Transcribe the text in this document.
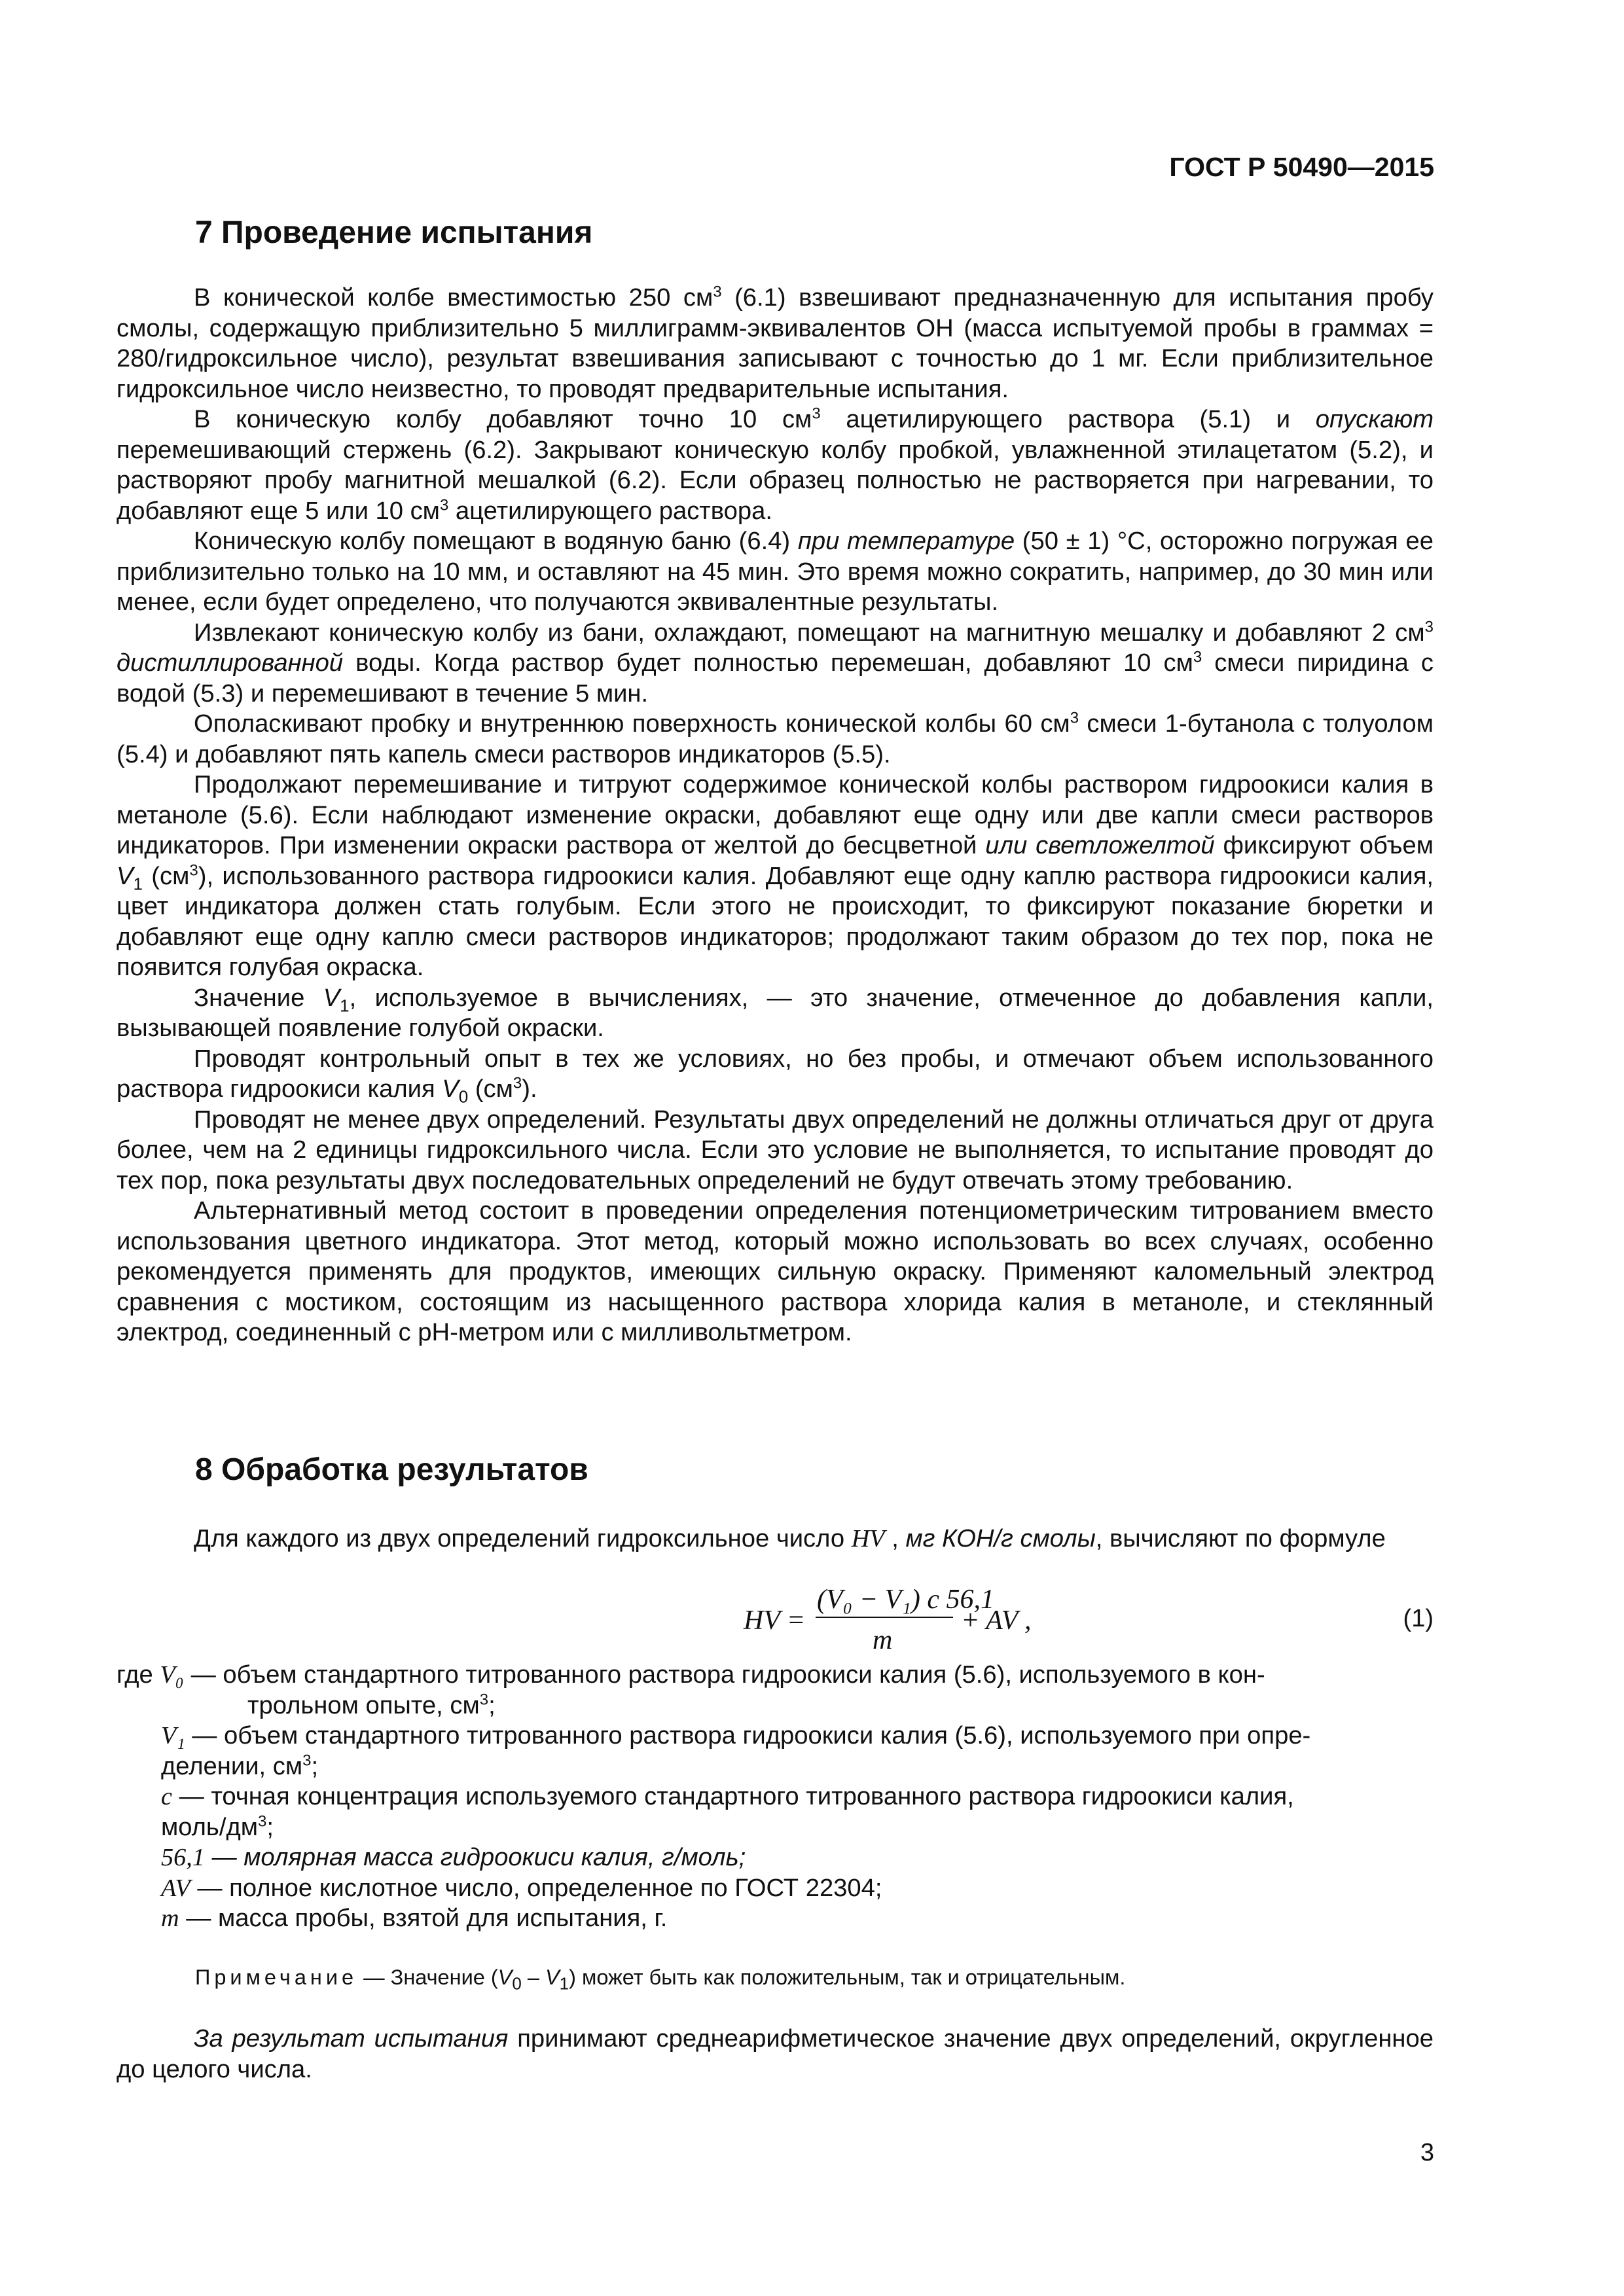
ГОСТ Р 50490—2015
7 Проведение испытания

В конической колбе вместимостью 250 $см^3$ (6.1) взвешивают предназначенную для испытания пробу смолы, содержащую приблизительно 5 миллиграмм-эквивалентов ОН (масса испытуемой пробы в граммах = 280/гидроксильное число), результат взвешивания записывают с точностью до 1 мг. Если приблизительное гидроксильное число неизвестно, то проводят предварительные испытания.

В коническую колбу добавляют точно 10 $см^3$ ацетилирующего раствора (5.1) и опускают перемешивающий стержень (6.2). Закрывают коническую колбу пробкой, увлажненной этилацетатом (5.2), и растворяют пробу магнитной мешалкой (6.2). Если образец полностью не растворяется при нагревании, то добавляют еще 5 или 10 $см^3$ ацетилирующего раствора.

Коническую колбу помещают в водяную баню (6.4) при температуре (50 ± 1) °С, осторожно погружая ее приблизительно только на 10 мм, и оставляют на 45 мин. Это время можно сократить, например, до 30 мин или менее, если будет определено, что получаются эквивалентные результаты.

Извлекают коническую колбу из бани, охлаждают, помещают на магнитную мешалку и добавляют 2 $см^3$ дистиллированной воды. Когда раствор будет полностью перемешан, добавляют 10 $см^3$ смеси пиридина с водой (5.3) и перемешивают в течение 5 мин.

Ополаскивают пробку и внутреннюю поверхность конической колбы 60 $см^3$ смеси 1-бутанола с толуолом (5.4) и добавляют пять капель смеси растворов индикаторов (5.5).

Продолжают перемешивание и титруют содержимое конической колбы раствором гидроокиси калия в метаноле (5.6). Если наблюдают изменение окраски, добавляют еще одну или две капли смеси растворов индикаторов. При изменении окраски раствора от желтой до бесцветной или светложелтой фиксируют объем $V_1$ $(см^3)$, использованного раствора гидроокиси калия. Добавляют еще одну каплю раствора гидроокиси калия, цвет индикатора должен стать голубым. Если этого не происходит, то фиксируют показание бюретки и добавляют еще одну каплю смеси растворов индикаторов; продолжают таким образом до тех пор, пока не появится голубая окраска.

Значение $V_1$, используемое в вычислениях, — это значение, отмеченное до добавления капли, вызывающей появление голубой окраски.

Проводят контрольный опыт в тех же условиях, но без пробы, и отмечают объем использованного раствора гидроокиси калия $V_0$ $(см^3)$.

Проводят не менее двух определений. Результаты двух определений не должны отличаться друг от друга более, чем на 2 единицы гидроксильного числа. Если это условие не выполняется, то испытание проводят до тех пор, пока результаты двух последовательных определений не будут отвечать этому требованию.

Альтернативный метод состоит в проведении определения потенциометрическим титрованием вместо использования цветного индикатора. Этот метод, который можно использовать во всех случаях, особенно рекомендуется применять для продуктов, имеющих сильную окраску. Применяют каломельный электрод сравнения с мостиком, состоящим из насыщенного раствора хлорида калия в метаноле, и стеклянный электрод, соединенный с pH-метром или с милливольтметром.

8 Обработка результатов

Для каждого из двух определений гидроксильное число HV , мг КОН/г смолы, вычисляют по формуле

HV =
(V₀ − V₁) c 56,1
m
+ AV ,	(1)
где V₀ — объем стандартного титрованного раствора гидроокиси калия (5.6), используемого в кон-
трольном опыте, $см^3$;
V₁ — объем стандартного титрованного раствора гидроокиси калия (5.6), используемого при опре-
делении, $см^3$;
c — точная концентрация используемого стандартного титрованного раствора гидроокиси калия,
моль/$дм^3$;
56,1 — молярная масса гидроокиси калия, г/моль;
AV — полное кислотное число, определенное по ГОСТ 22304;
m — масса пробы, взятой для испытания, г.
Примечание — Значение $(V_0 - V_1)$ может быть как положительным, так и отрицательным.

За результат испытания принимают среднеарифметическое значение двух определений, округленное до целого числа.

3
